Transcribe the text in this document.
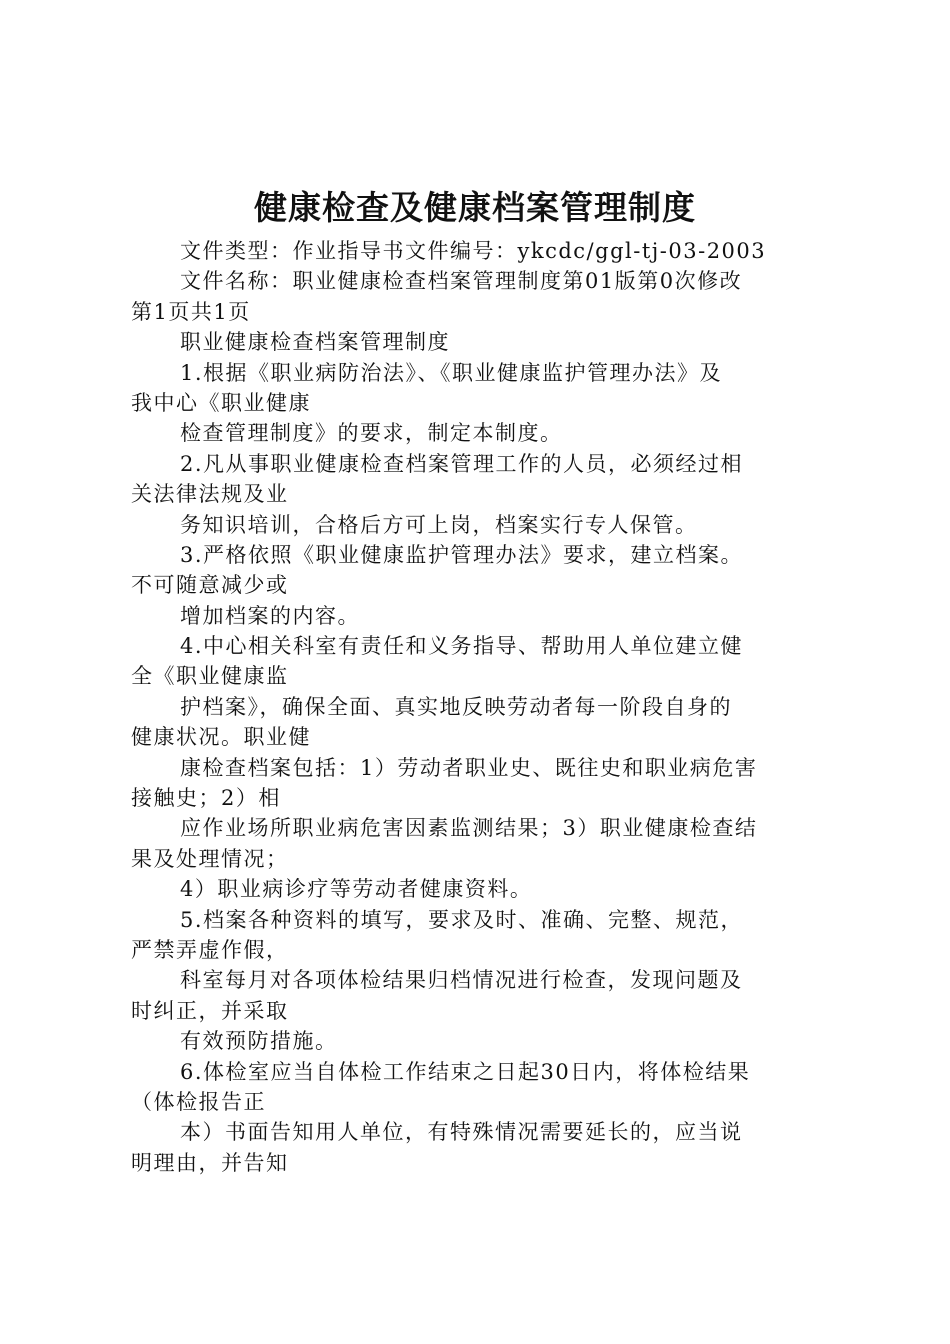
健康检查及健康档案管理制度
文件类型：作业指导书文件编号：ykcdc/ggl-tj-03-2003
文件名称：职业健康检查档案管理制度第01版第0次修改
第1页共1页
职业健康检查档案管理制度
1.根据《职业病防治法》、《职业健康监护管理办法》及
我中心《职业健康
检查管理制度》的要求，制定本制度。
2.凡从事职业健康检查档案管理工作的人员，必须经过相
关法律法规及业
务知识培训，合格后方可上岗，档案实行专人保管。
3.严格依照《职业健康监护管理办法》要求，建立档案。
不可随意减少或
增加档案的内容。
4.中心相关科室有责任和义务指导、帮助用人单位建立健
全《职业健康监
护档案》，确保全面、真实地反映劳动者每一阶段自身的
健康状况。职业健
康检查档案包括：1）劳动者职业史、既往史和职业病危害
接触史；2）相
应作业场所职业病危害因素监测结果；3）职业健康检查结
果及处理情况；
4）职业病诊疗等劳动者健康资料。
5.档案各种资料的填写，要求及时、准确、完整、规范，
严禁弄虚作假，
科室每月对各项体检结果归档情况进行检查，发现问题及
时纠正，并采取
有效预防措施。
6.体检室应当自体检工作结束之日起30日内，将体检结果
（体检报告正
本）书面告知用人单位，有特殊情况需要延长的，应当说
明理由，并告知
